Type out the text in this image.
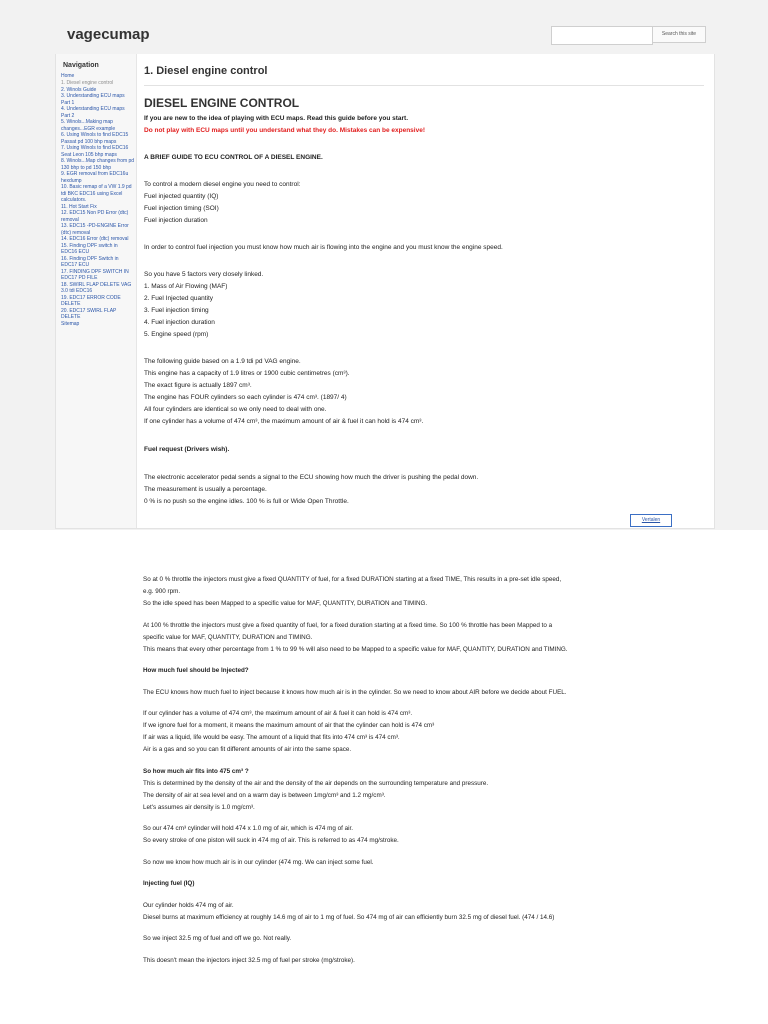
vagecumap	Search this site
Navigation
Home
1. Diesel engine control
2. Winols Guide
3. Understanding ECU maps Part 1
4. Understanding ECU maps Part 2
5. Winols...Making map changes...EGR example
6. Using Winols to find EDC15 Passat pd 100 bhp maps
7. Using Winols to find EDC16 Seat Leon 105 bhp maps
8. Winols...Map changes from pd 130 bhp to pd 150 bhp
9. EGR removal from EDC16u hexdump
10. Basic remap of a VW 1.9 pd tdi BKC EDC16 using Excel calculators.
11. Hot Start Fix
12. EDC15 Non PD Error (dtc) removal
13. EDC15 -PD-ENGINE Error (dtc) removal
14. EDC16 Error (dtc) removal
15. Finding DPF switch in EDC16 ECU
16. Finding DPF Switch in EDC17 ECU
17. FINDING DPF SWITCH IN EDC17 PD FILE
18. SWIRL FLAP DELETE VAG 3.0 tdi EDC16
19. EDC17 ERROR CODE DELETE
20. EDC17 SWIRL FLAP DELETE
Sitemap
1. Diesel engine control
DIESEL ENGINE CONTROL
If you are new to the idea of playing with ECU maps. Read this guide before you start.
Do not play with ECU maps until you understand what they do. Mistakes can be expensive!
A BRIEF GUIDE TO ECU CONTROL OF A DIESEL ENGINE.
To control a modern diesel engine you need to control:
Fuel injected quantity (IQ)
Fuel injection timing (SOI)
Fuel injection duration
In order to control fuel injection you must know how much air is flowing into the engine and you must know the engine speed.
So you have 5 factors very closely linked.
1. Mass of Air Flowing (MAF)
2. Fuel Injected quantity
3. Fuel injection timing
4. Fuel injection duration
5. Engine speed (rpm)
The following guide based on a 1.9 tdi pd VAG engine.
This engine has a capacity of 1.9 litres or 1900 cubic centimetres (cm³).
The exact figure is actually 1897 cm³.
The engine has FOUR cylinders so each cylinder is 474 cm³. (1897/ 4)
All four cylinders are identical so we only need to deal with one.
If one cylinder has a volume of 474 cm³, the maximum amount of air & fuel it can hold is 474 cm³.
Fuel request (Drivers wish).
The electronic accelerator pedal sends a signal to the ECU showing how much the driver is pushing the pedal down.
The measurement is usually a percentage.
0 % is no push so the engine idles. 100 % is full or Wide Open Throttle.
Vertalen
So at 0 % throttle the injectors must give a fixed QUANTITY of fuel, for a fixed DURATION starting at a fixed TIME, This results in a pre-set idle speed,
e.g. 900 rpm.
So the idle speed has been Mapped to a specific value for MAF, QUANTITY, DURATION and TIMING.
At 100 % throttle the injectors must give a fixed quantity of fuel, for a fixed duration starting at a fixed time. So 100 % throttle has been Mapped to a
specific value for MAF, QUANTITY, DURATION and TIMING.
This means that every other percentage from 1 % to 99 % will also need to be Mapped to a specific value for MAF, QUANTITY, DURATION and TIMING.
How much fuel should be Injected?
The ECU knows how much fuel to inject because it knows how much air is in the cylinder. So we need to know about AIR before we decide about FUEL.
If our cylinder has a volume of 474 cm³, the maximum amount of air & fuel it can hold is 474 cm³.
If we ignore fuel for a moment, it means the maximum amount of air that the cylinder can hold is 474 cm³
If air was a liquid, life would be easy. The amount of a liquid that fits into 474 cm³ is 474 cm³.
Air is a gas and so you can fit different amounts of air into the same space.
So how much air fits into 475 cm³ ?
This is determined by the density of the air and the density of the air depends on the surrounding temperature and pressure.
The density of air at sea level and on a warm day is between 1mg/cm³ and 1.2 mg/cm³.
Let's assumes air density is 1.0 mg/cm³.
So our 474 cm³ cylinder will hold 474 x 1.0 mg of air, which is 474 mg of air.
So every stroke of one piston will suck in 474 mg of air. This is referred to as 474 mg/stroke.
So now we know how much air is in our cylinder (474 mg. We can inject some fuel.
Injecting fuel (IQ)
Our cylinder holds 474 mg of air.
Diesel burns at maximum efficiency at roughly 14.6 mg of air to 1 mg of fuel. So 474 mg of air can efficiently burn 32.5 mg of diesel fuel. (474 / 14.6)
So we inject 32.5 mg of fuel and off we go. Not really.
This doesn't mean the injectors inject 32.5 mg of fuel per stroke (mg/stroke).
